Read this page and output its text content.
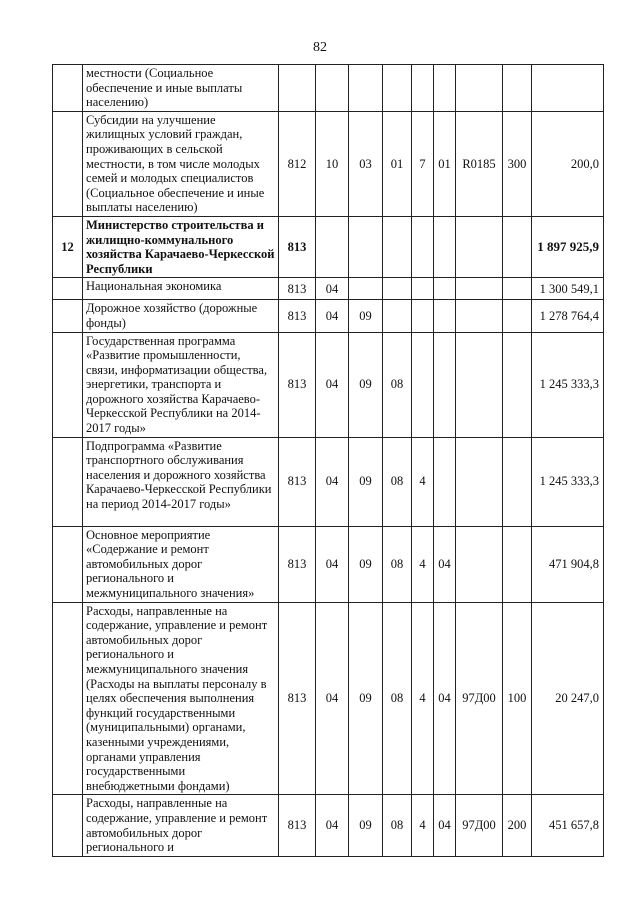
82
	местности (Социальное обеспечение и иные выплаты населению)									
	Субсидии на улучшение жилищных условий граждан, проживающих в сельской местности, в том числе молодых семей и молодых специалистов (Социальное обеспечение и иные выплаты населению)	812	10	03	01	7	01	R0185	300	200,0
12	Министерство строительства и жилищно-коммунального хозяйства Карачаево-Черкесской Республики	813								1 897 925,9
	Национальная экономика	813	04							1 300 549,1
	Дорожное хозяйство (дорожные фонды)	813	04	09						1 278 764,4
	Государственная программа «Развитие промышленности, связи, информатизации общества, энергетики, транспорта и дорожного хозяйства Карачаево-Черкесской Республики на 2014-2017 годы»	813	04	09	08					1 245 333,3
	Подпрограмма «Развитие транспортного обслуживания населения и дорожного хозяйства Карачаево-Черкесской Республики на период 2014-2017 годы»	813	04	09	08	4				1 245 333,3
	Основное мероприятие «Содержание и ремонт автомобильных дорог регионального и межмуниципального значения»	813	04	09	08	4	04			471 904,8
	Расходы, направленные на содержание, управление и ремонт автомобильных дорог регионального и межмуниципального значения (Расходы на выплаты персоналу в целях обеспечения выполнения функций государственными (муниципальными) органами, казенными учреждениями, органами управления государственными внебюджетными фондами)	813	04	09	08	4	04	97Д00	100	20 247,0
	Расходы, направленные на содержание, управление и ремонт автомобильных дорог регионального и	813	04	09	08	4	04	97Д00	200	451 657,8
